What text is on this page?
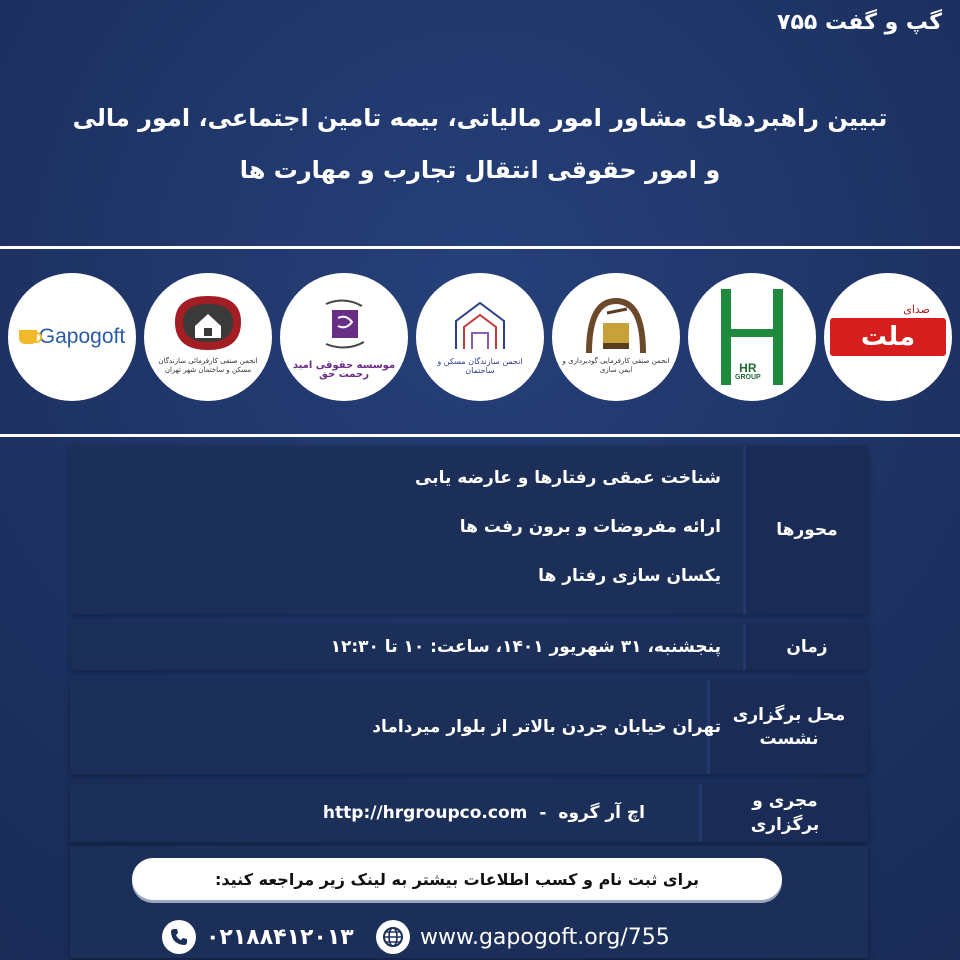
گپ و گفت ۷۵۵
تبیین راهبردهای مشاور امور مالیاتی، بیمه تامین اجتماعی، امور مالی
و امور حقوقی انتقال تجارب و مهارت ها
صدای
ملت
HR
GROUP
انجمن صنفی کارفرمایی گودبرداری و ایمن سازی
انجمن سازندگان مسکن و ساختمان
موسسه حقوقی امید رحمت حق
انجمن صنفی کارفرمائی سازندگان مسکن و ساختمان شهر تهران
Gapogoft
محورها
شناخت عمقی رفتارها و عارضه یابی
ارائه مفروضات و برون رفت ها
یکسان سازی رفتار ها
زمان
پنجشنبه، ۳۱ شهریور ۱۴۰۱، ساعت: ۱۰ تا ۱۲:۳۰
محل برگزاری نشست
تهران خیابان جردن بالاتر از بلوار میرداماد
مجری و برگزاری
اچ آر گروه
-
http://hrgroupco.com
برای ثبت نام و کسب اطلاعات بیشتر به لینک زیر مراجعه کنید:
www.gapogoft.org/755
۰۲۱۸۸۴۱۲۰۱۳
